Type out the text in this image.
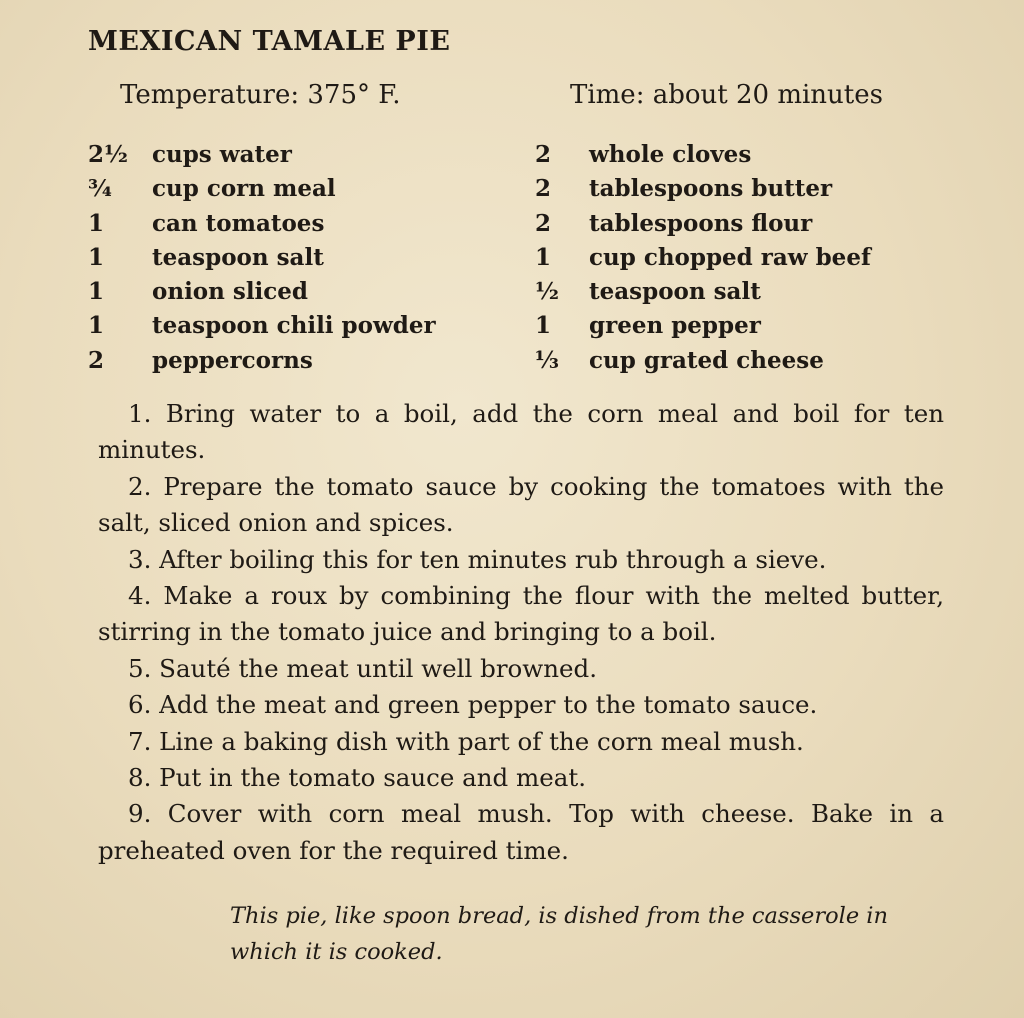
MEXICAN TAMALE PIE
Temperature: 375° F.	Time: about 20 minutes
2½	cups water
¾	cup corn meal
1	can tomatoes
1	teaspoon salt
1	onion sliced
1	teaspoon chili powder
2	peppercorns
2	whole cloves
2	tablespoons butter
2	tablespoons flour
1	cup chopped raw beef
½	teaspoon salt
1	green pepper
⅓	cup grated cheese

1. Bring water to a boil, add the corn meal and boil for ten minutes.

2. Prepare the tomato sauce by cooking the tomatoes with the salt, sliced onion and spices.

3. After boiling this for ten minutes rub through a sieve.

4. Make a roux by combining the flour with the melted butter, stirring in the tomato juice and bringing to a boil.

5. Sauté the meat until well browned.

6. Add the meat and green pepper to the tomato sauce.

7. Line a baking dish with part of the corn meal mush.

8. Put in the tomato sauce and meat.

9. Cover with corn meal mush. Top with cheese. Bake in a preheated oven for the required time.

This pie, like spoon bread, is dished from the casserole in which it is cooked.
